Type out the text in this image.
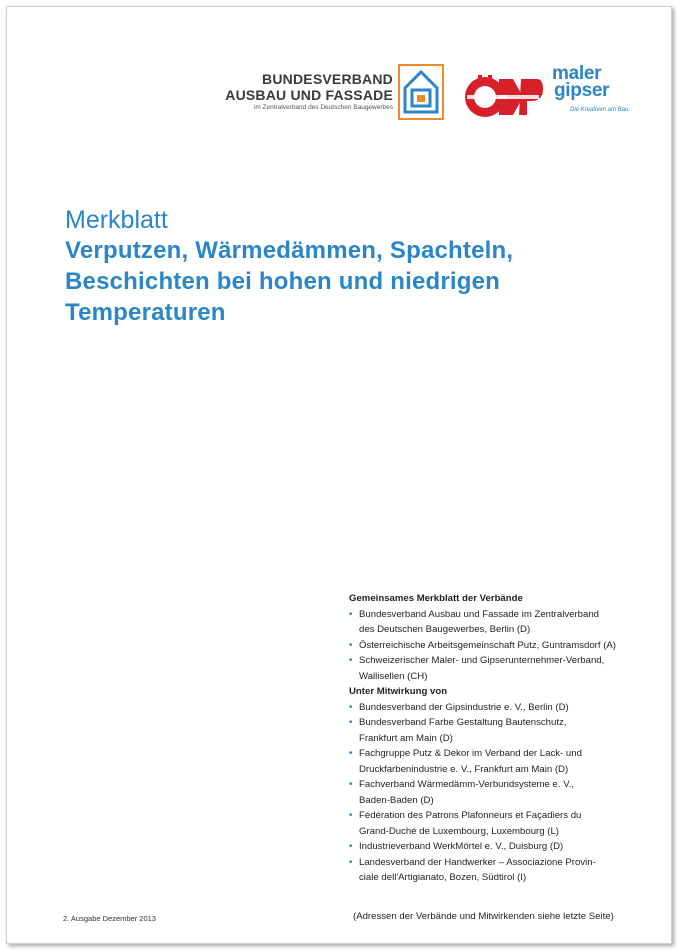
BUNDESVERBAND
AUSBAU UND FASSADE
im Zentralverband des Deutschen Baugewerbes
maler
gipser
Die Kreativen am Bau.
Merkblatt
Verputzen, Wärmedämmen, Spachteln,
Beschichten bei hohen und niedrigen
Temperaturen
Gemeinsames Merkblatt der Verbände
• Bundesverband Ausbau und Fassade im Zentralverband
des Deutschen Baugewerbes, Berlin (D)
• Österreichische Arbeitsgemeinschaft Putz, Guntramsdorf (A)
• Schweizerischer Maler- und Gipserunternehmer-Verband,
Wallisellen (CH)
Unter Mitwirkung von
• Bundesverband der Gipsindustrie e. V., Berlin (D)
• Bundesverband Farbe Gestaltung Bautenschutz,
Frankfurt am Main (D)
• Fachgruppe Putz & Dekor im Verband der Lack- und
Druckfarbenindustrie e. V., Frankfurt am Main (D)
• Fachverband Wärmedämm-Verbundsysteme e. V.,
Baden-Baden (D)
• Fédération des Patrons Plafonneurs et Façadiers du
Grand-Duché de Luxembourg, Luxembourg (L)
• Industrieverband WerkMörtel e. V., Duisburg (D)
• Landesverband der Handwerker – Associazione Provin-
ciale dell'Artigianato, Bozen, Südtirol (I)
2. Ausgabe Dezember 2013	(Adressen der Verbände und Mitwirkenden siehe letzte Seite)
